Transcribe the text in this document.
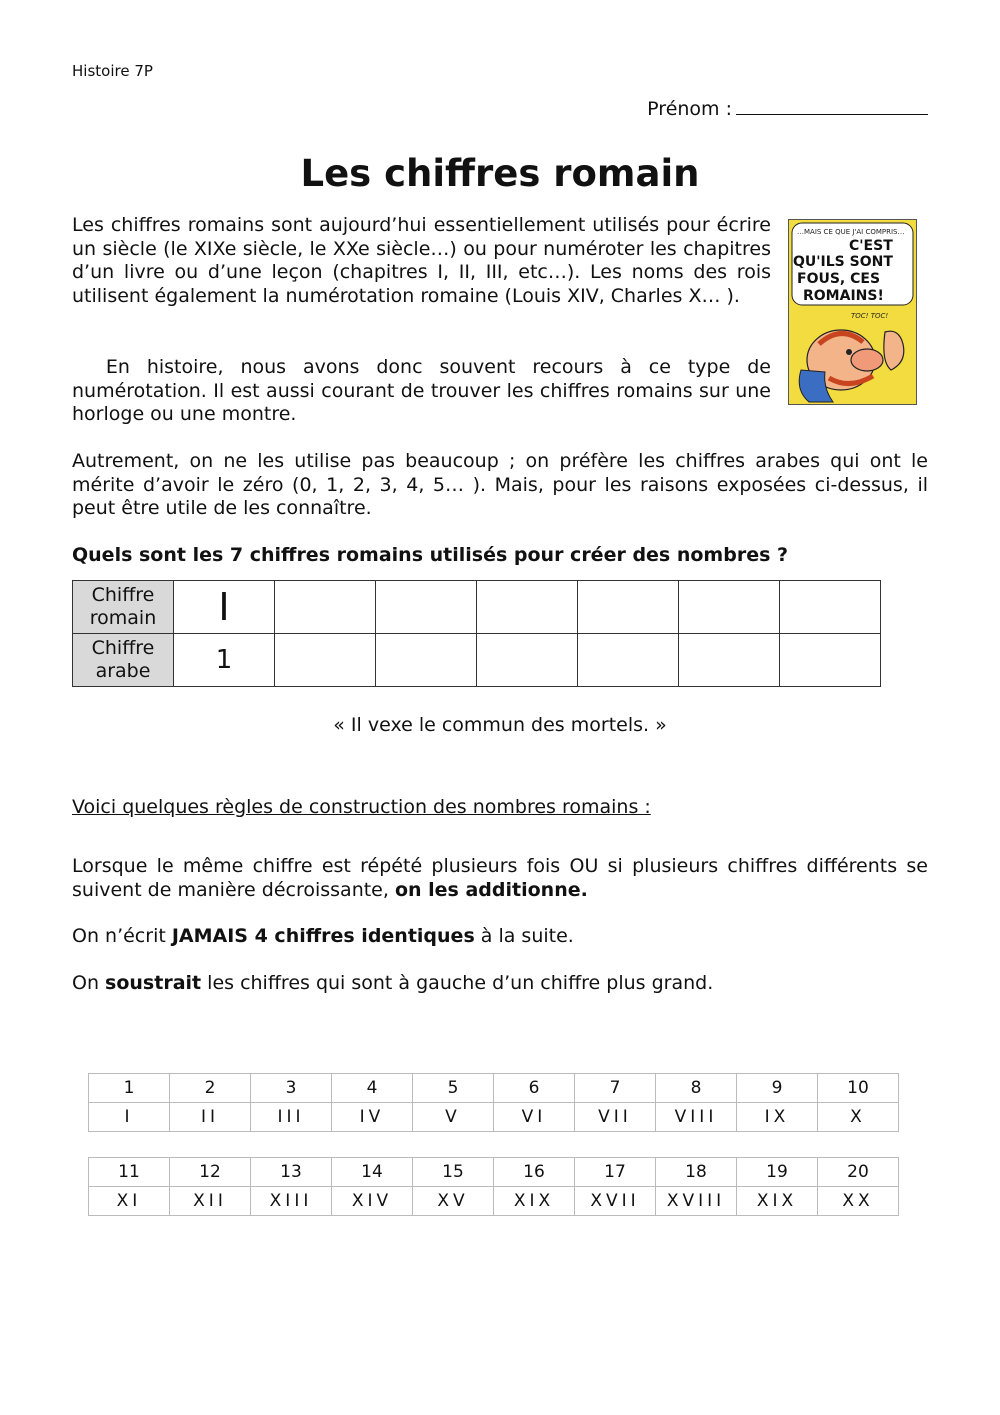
Histoire 7P
Prénom :
Les chiffres romain
Les chiffres romains sont aujourd’hui essentiellement utilisés pour écrire un siècle (le XIXe siècle, le XXe siècle…) ou pour numéroter les chapitres d’un livre ou d’une leçon (chapitres I, II, III, etc…). Les noms des rois utilisent également la numérotation romaine (Louis XIV, Charles X… ).
En histoire, nous avons donc souvent recours à ce type de numérotation. Il est aussi courant de trouver les chiffres romains sur une horloge ou une montre.
Autrement, on ne les utilise pas beaucoup ; on préfère les chiffres arabes qui ont le mérite d’avoir le zéro (0, 1, 2, 3, 4, 5… ). Mais, pour les raisons exposées ci-dessus, il peut être utile de les connaître.
…MAIS CE QUE J'AI COMPRIS…
C'EST
QU'ILS SONT
FOUS, CES
ROMAINS!
TOC! TOC!
Quels sont les 7 chiffres romains utilisés pour créer des nombres ?
Chiffre romain	I						
Chiffre arabe	1						
« Il vexe le commun des mortels. »
Voici quelques règles de construction des nombres romains :
Lorsque le même chiffre est répété plusieurs fois OU si plusieurs chiffres différents se suivent de manière décroissante, on les additionne.
On n’écrit JAMAIS 4 chiffres identiques à la suite.
On soustrait les chiffres qui sont à gauche d’un chiffre plus grand.
1	2	3	4	5	6	7	8	9	10
I	II	III	IV	V	VI	VII	VIII	IX	X
11	12	13	14	15	16	17	18	19	20
XI	XII	XIII	XIV	XV	XIX	XVII	XVIII	XIX	XX
